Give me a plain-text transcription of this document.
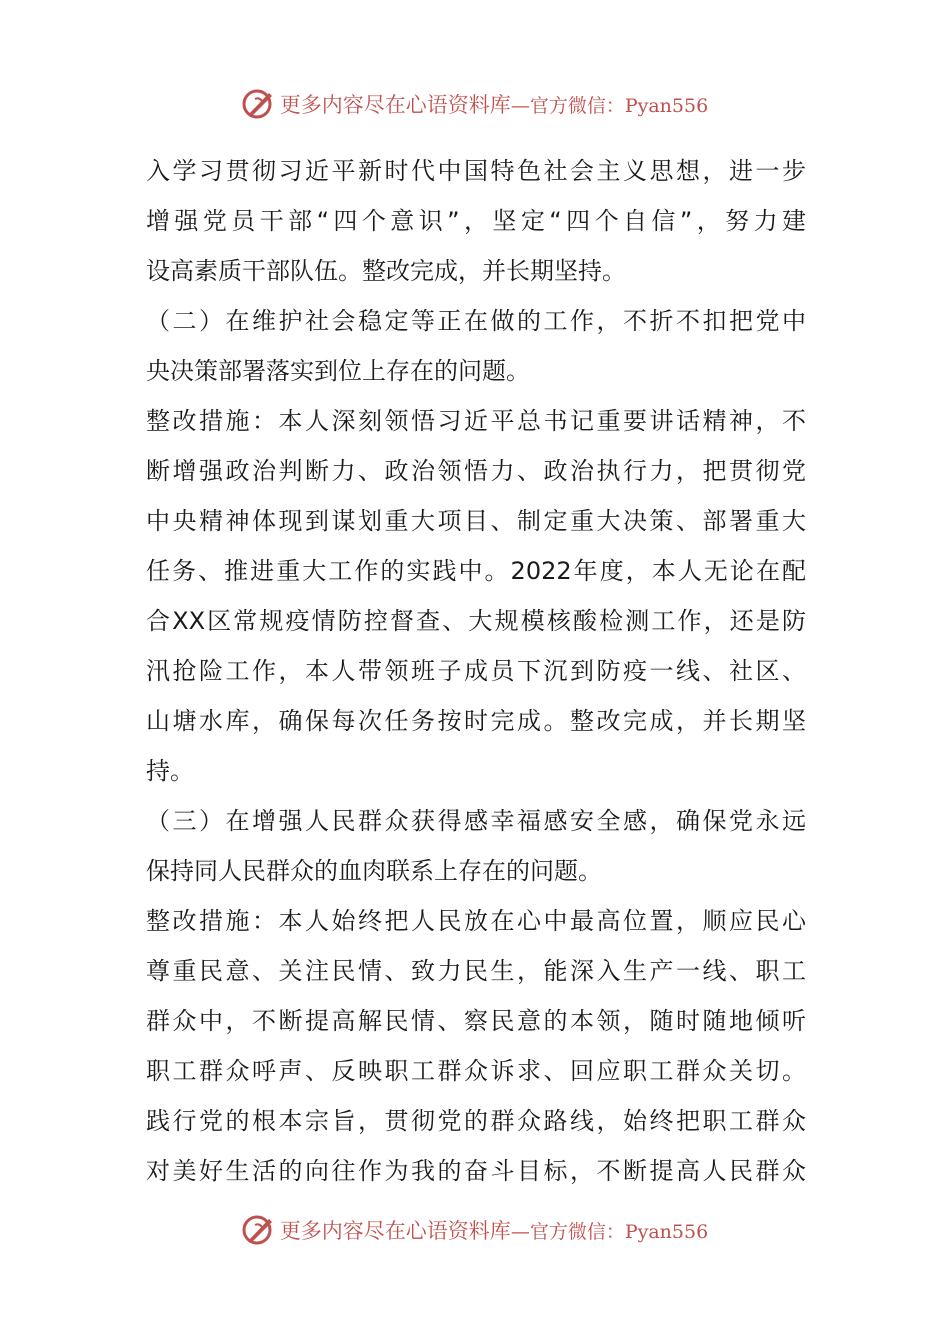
更多内容尽在心语资料库 —官方微信：Pyan556
入学习贯彻习近平新时代中国特色社会主义思想，进一步
增强党员干部“四个意识”，坚定“四个自信”，努力建
设高素质干部队伍。整改完成，并长期坚持。
（二）在维护社会稳定等正在做的工作，不折不扣把党中
央决策部署落实到位上存在的问题。
整改措施：本人深刻领悟习近平总书记重要讲话精神，不
断增强政治判断力、政治领悟力、政治执行力，把贯彻党
中央精神体现到谋划重大项目、制定重大决策、部署重大
任务、推进重大工作的实践中。2022年度，本人无论在配
合XX区常规疫情防控督查、大规模核酸检测工作，还是防
汛抢险工作，本人带领班子成员下沉到防疫一线、社区、
山塘水库，确保每次任务按时完成。整改完成，并长期坚
持。
（三）在增强人民群众获得感幸福感安全感，确保党永远
保持同人民群众的血肉联系上存在的问题。
整改措施：本人始终把人民放在心中最高位置，顺应民心
尊重民意、关注民情、致力民生，能深入生产一线、职工
群众中，不断提高解民情、察民意的本领，随时随地倾听
职工群众呼声、反映职工群众诉求、回应职工群众关切。
践行党的根本宗旨，贯彻党的群众路线，始终把职工群众
对美好生活的向往作为我的奋斗目标，不断提高人民群众
更多内容尽在心语资料库 —官方微信：Pyan556
